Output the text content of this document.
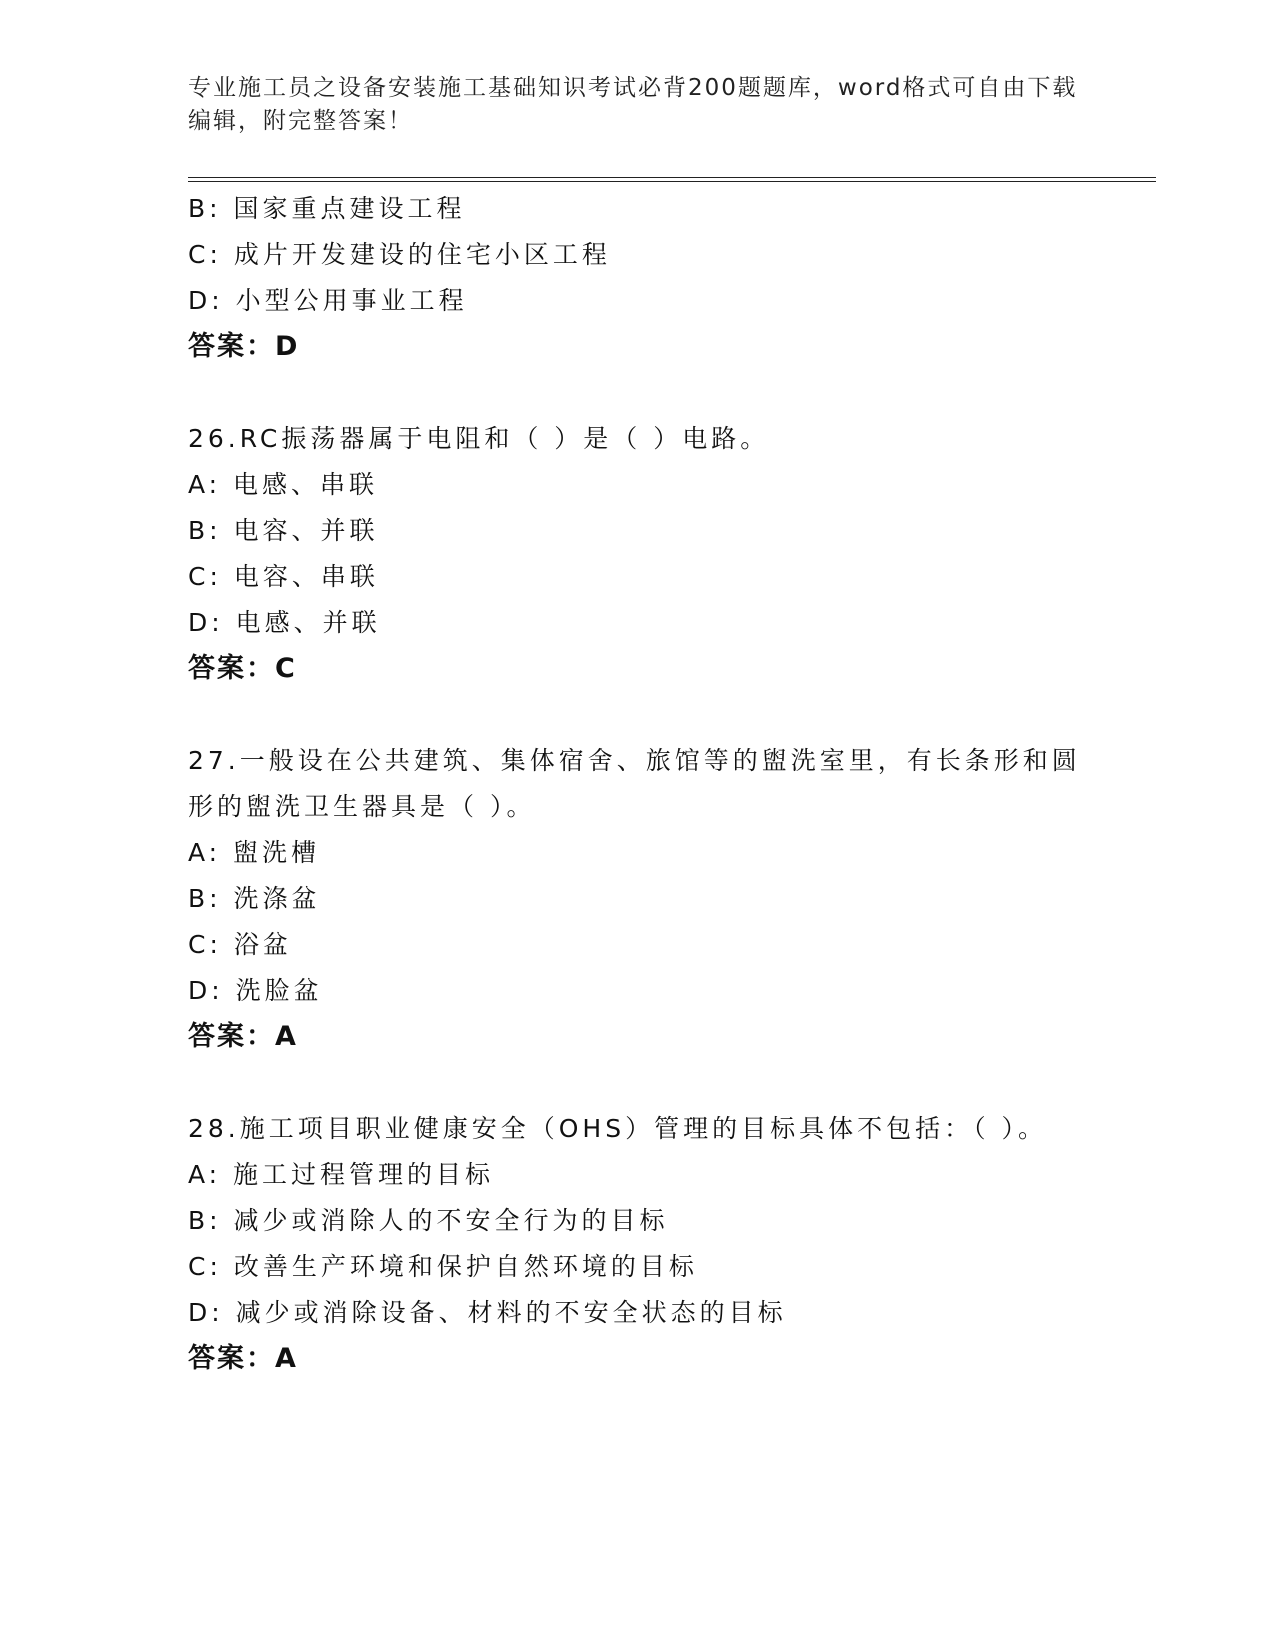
专业施工员之设备安装施工基础知识考试必背200题题库，word格式可自由下载编辑，附完整答案！
B: 国家重点建设工程
C: 成片开发建设的住宅小区工程
D: 小型公用事业工程
答案：D
26.RC振荡器属于电阻和（ ）是（ ）电路。
A: 电感、串联
B: 电容、并联
C: 电容、串联
D: 电感、并联
答案：C
27.一般设在公共建筑、集体宿舍、旅馆等的盥洗室里，有长条形和圆形的盥洗卫生器具是（ ）。
A: 盥洗槽
B: 洗涤盆
C: 浴盆
D: 洗脸盆
答案：A
28.施工项目职业健康安全（OHS）管理的目标具体不包括：（ ）。
A: 施工过程管理的目标
B: 减少或消除人的不安全行为的目标
C: 改善生产环境和保护自然环境的目标
D: 减少或消除设备、材料的不安全状态的目标
答案：A
